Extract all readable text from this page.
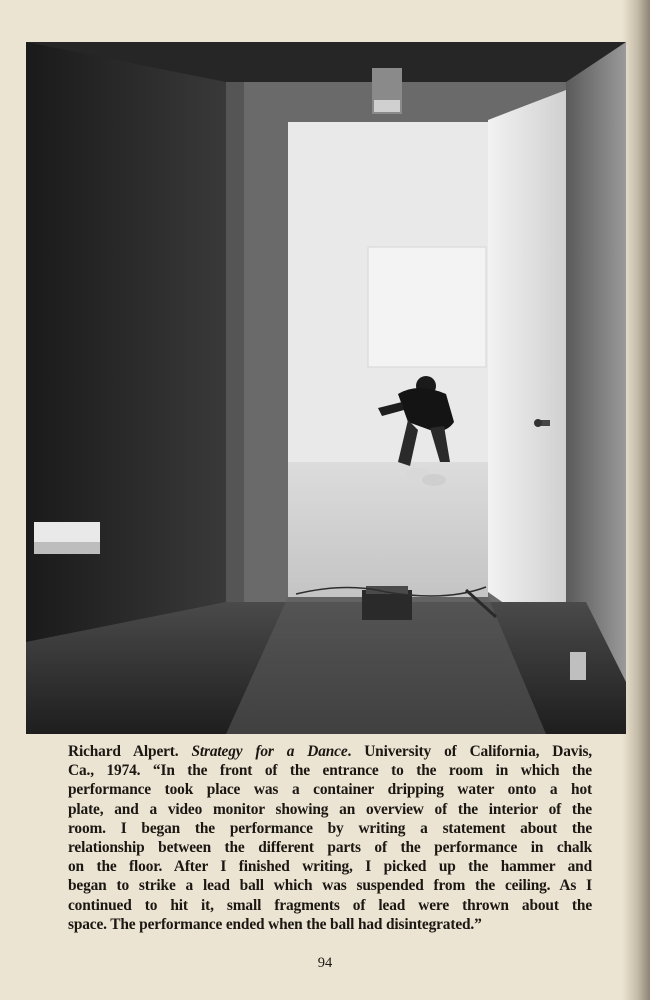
Richard Alpert. Strategy for a Dance. University of California, Davis,
Ca., 1974. “In the front of the entrance to the room in which the
performance took place was a container dripping water onto a hot
plate, and a video monitor showing an overview of the interior of the
room. I began the performance by writing a statement about the
relationship between the different parts of the performance in chalk
on the floor. After I finished writing, I picked up the hammer and
began to strike a lead ball which was suspended from the ceiling. As I
continued to hit it, small fragments of lead were thrown about the
space. The performance ended when the ball had disintegrated.”

94
